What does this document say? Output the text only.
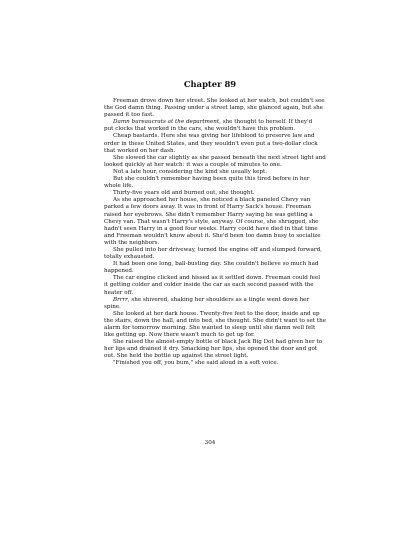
Chapter 89
Freeman drove down her street. She looked at her watch, but couldn't see
the God damn thing. Passing under a street lamp, she glanced again, but she
passed it too fast.
Damn bureaucrats at the department, she thought to herself. If they'd
put clocks that worked in the cars, she wouldn't have this problem.
Cheap bastards. Here she was giving her lifeblood to preserve law and
order in these United States, and they wouldn't even put a two-dollar clock
that worked on her dash.
She slowed the car slightly as she passed beneath the next street light and
looked quickly at her watch: it was a couple of minutes to one.
Not a late hour, considering the kind she usually kept.
But she couldn't remember having been quite this tired before in her
whole life.
Thirty-five years old and burned out, she thought.
As she approached her house, she noticed a black paneled Chevy van
parked a few doors away. It was in front of Harry Sack's house. Freeman
raised her eyebrows. She didn't remember Harry saying he was getting a
Chevy van. That wasn't Harry's style, anyway. Of course, she shrugged, she
hadn't seen Harry in a good four weeks. Harry could have died in that time
and Freeman wouldn't know about it. She'd been too damn busy to socialize
with the neighbors.
She pulled into her driveway, turned the engine off and slumped forward,
totally exhausted.
It had been one long, ball-busting day. She couldn't believe so much had
happened.
The car engine clicked and hissed as it settled down. Freeman could feel
it getting colder and colder inside the car as each second passed with the
heater off.
Brrrr, she shivered, shaking her shoulders as a tingle went down her
spine.
She looked at her dark house. Twenty-five feet to the door, inside and up
the stairs, down the hall, and into bed, she thought. She didn't want to set the
alarm for tomorrow morning. She wanted to sleep until she damn well felt
like getting up. Now there wasn't much to get up for.
She raised the almost-empty bottle of black Jack Big Dot had given her to
her lips and drained it dry. Smacking her lips, she opened the door and got
out. She held the bottle up against the street light.
"Finished you off, you bum," she said aloud in a soft voice.
304
